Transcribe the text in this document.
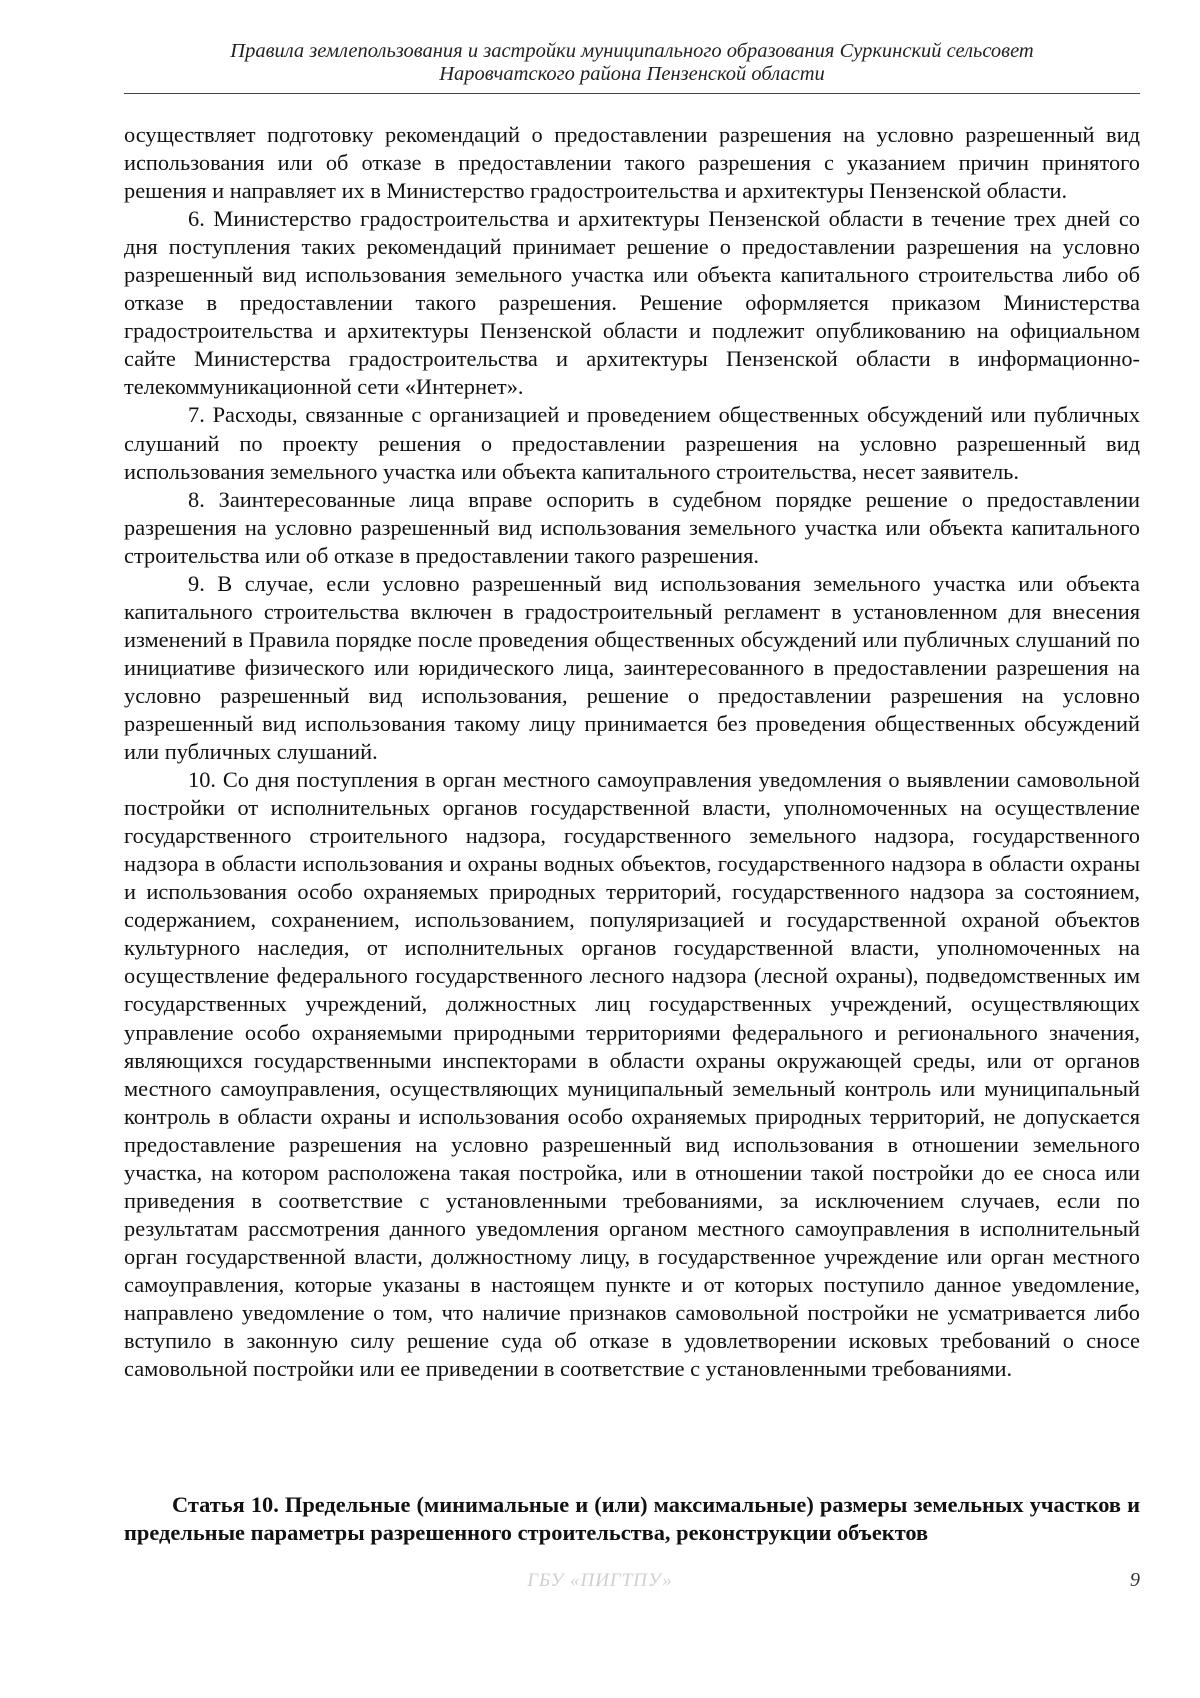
Правила землепользования и застройки муниципального образования Суркинский сельсовет
Наровчатского района Пензенской области

осуществляет подготовку рекомендаций о предоставлении разрешения на условно разрешенный вид использования или об отказе в предоставлении такого разрешения с указанием причин принятого решения и направляет их в Министерство градостроительства и архитектуры Пензенской области.

6. Министерство градостроительства и архитектуры Пензенской области в течение трех дней со дня поступления таких рекомендаций принимает решение о предоставлении разрешения на условно разрешенный вид использования земельного участка или объекта капитального строительства либо об отказе в предоставлении такого разрешения. Решение оформляется приказом Министерства градостроительства и архитектуры Пензенской области и подлежит опубликованию на официальном сайте Министерства градостроительства и архитектуры Пензенской области в информационно-телекоммуникационной сети «Интернет».

7. Расходы, связанные с организацией и проведением общественных обсуждений или публичных слушаний по проекту решения о предоставлении разрешения на условно разрешенный вид использования земельного участка или объекта капитального строительства, несет заявитель.

8. Заинтересованные лица вправе оспорить в судебном порядке решение о предоставлении разрешения на условно разрешенный вид использования земельного участка или объекта капитального строительства или об отказе в предоставлении такого разрешения.

9. В случае, если условно разрешенный вид использования земельного участка или объекта капитального строительства включен в градостроительный регламент в установленном для внесения изменений в Правила порядке после проведения общественных обсуждений или публичных слушаний по инициативе физического или юридического лица, заинтересованного в предоставлении разрешения на условно разрешенный вид использования, решение о предоставлении разрешения на условно разрешенный вид использования такому лицу принимается без проведения общественных обсуждений или публичных слушаний.

10. Со дня поступления в орган местного самоуправления уведомления о выявлении самовольной постройки от исполнительных органов государственной власти, уполномоченных на осуществление государственного строительного надзора, государственного земельного надзора, государственного надзора в области использования и охраны водных объектов, государственного надзора в области охраны и использования особо охраняемых природных территорий, государственного надзора за состоянием, содержанием, сохранением, использованием, популяризацией и государственной охраной объектов культурного наследия, от исполнительных органов государственной власти, уполномоченных на осуществление федерального государственного лесного надзора (лесной охраны), подведомственных им государственных учреждений, должностных лиц государственных учреждений, осуществляющих управление особо охраняемыми природными территориями федерального и регионального значения, являющихся государственными инспекторами в области охраны окружающей среды, или от органов местного самоуправления, осуществляющих муниципальный земельный контроль или муниципальный контроль в области охраны и использования особо охраняемых природных территорий, не допускается предоставление разрешения на условно разрешенный вид использования в отношении земельного участка, на котором расположена такая постройка, или в отношении такой постройки до ее сноса или приведения в соответствие с установленными требованиями, за исключением случаев, если по результатам рассмотрения данного уведомления органом местного самоуправления в исполнительный орган государственной власти, должностному лицу, в государственное учреждение или орган местного самоуправления, которые указаны в настоящем пункте и от которых поступило данное уведомление, направлено уведомление о том, что наличие признаков самовольной постройки не усматривается либо вступило в законную силу решение суда об отказе в удовлетворении исковых требований о сносе самовольной постройки или ее приведении в соответствие с установленными требованиями.

Статья 10. Предельные (минимальные и (или) максимальные) размеры земельных участков и предельные параметры разрешенного строительства, реконструкции объектов
ГБУ «ПИГТПУ»	9
